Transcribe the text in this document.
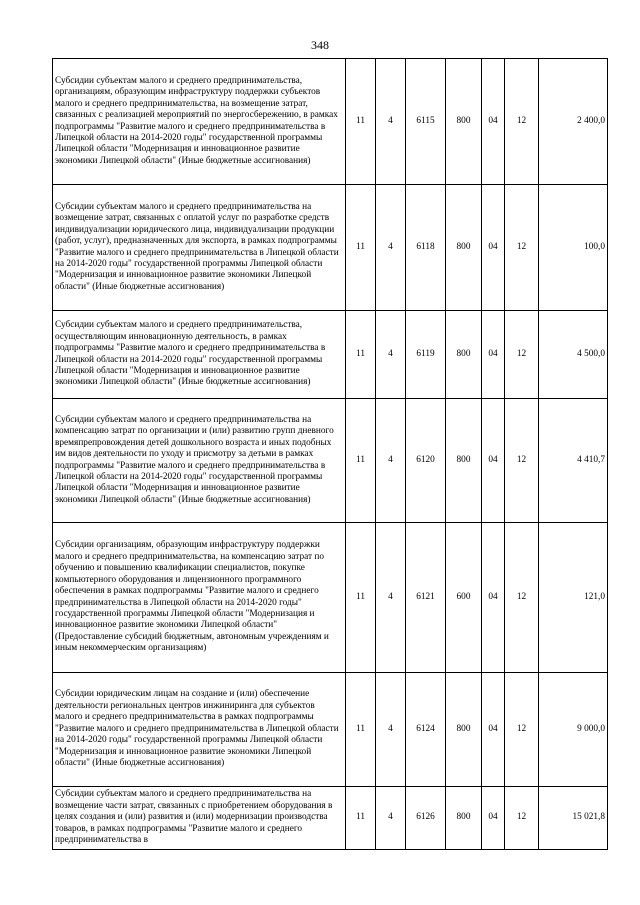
348
Субсидии субъектам малого и среднего предпринимательства, организациям, образующим инфраструктуру поддержки субъектов малого и среднего предпринимательства, на возмещение затрат, связанных с реализацией мероприятий по энергосбережению, в рамках подпрограммы "Развитие малого и среднего предпринимательства в Липецкой области на 2014-2020 годы" государственной программы Липецкой области "Модернизация и инновационное развитие экономики Липецкой области" (Иные бюджетные ассигнования)	11	4	6115	800	04	12	2 400,0
Субсидии субъектам малого и среднего предпринимательства на возмещение затрат, связанных с оплатой услуг по разработке средств индивидуализации юридического лица, индивидуализации продукции (работ, услуг), предназначенных для экспорта, в рамках подпрограммы "Развитие малого и среднего предпринимательства в Липецкой области на 2014-2020 годы" государственной программы Липецкой области "Модернизация и инновационное развитие экономики Липецкой области" (Иные бюджетные ассигнования)	11	4	6118	800	04	12	100,0
Субсидии субъектам малого и среднего предпринимательства, осуществляющим инновационную деятельность, в рамках подпрограммы "Развитие малого и среднего предпринимательства в Липецкой области на 2014-2020 годы" государственной программы Липецкой области "Модернизация и инновационное развитие экономики Липецкой области" (Иные бюджетные ассигнования)	11	4	6119	800	04	12	4 500,0
Субсидии субъектам малого и среднего предпринимательства на компенсацию затрат по организации и (или) развитию групп дневного времяпрепровождения детей дошкольного возраста и иных подобных им видов деятельности по уходу и присмотру за детьми в рамках подпрограммы "Развитие малого и среднего предпринимательства в Липецкой области на 2014-2020 годы" государственной программы Липецкой области "Модернизация и инновационное развитие экономики Липецкой области" (Иные бюджетные ассигнования)	11	4	6120	800	04	12	4 410,7
Субсидии организациям, образующим инфраструктуру поддержки малого и среднего предпринимательства, на компенсацию затрат по обучению и повышению квалификации специалистов, покупке компьютерного оборудования и лицензионного программного обеспечения в рамках подпрограммы "Развитие малого и среднего предпринимательства в Липецкой области на 2014-2020 годы" государственной программы Липецкой области "Модернизация и инновационное развитие экономики Липецкой области" (Предоставление субсидий бюджетным, автономным учреждениям и иным некоммерческим организациям)	11	4	6121	600	04	12	121,0
Субсидии юридическим лицам на создание и (или) обеспечение деятельности региональных центров инжиниринга для субъектов малого и среднего предпринимательства в рамках подпрограммы "Развитие малого и среднего предпринимательства в Липецкой области на 2014-2020 годы" государственной программы Липецкой области "Модернизация и инновационное развитие экономики Липецкой области" (Иные бюджетные ассигнования)	11	4	6124	800	04	12	9 000,0
Субсидии субъектам малого и среднего предпринимательства на возмещение части затрат, связанных с приобретением оборудования в целях создания и (или) развития и (или) модернизации производства товаров, в рамках подпрограммы "Развитие малого и среднего предпринимательства в	11	4	6126	800	04	12	15 021,8
